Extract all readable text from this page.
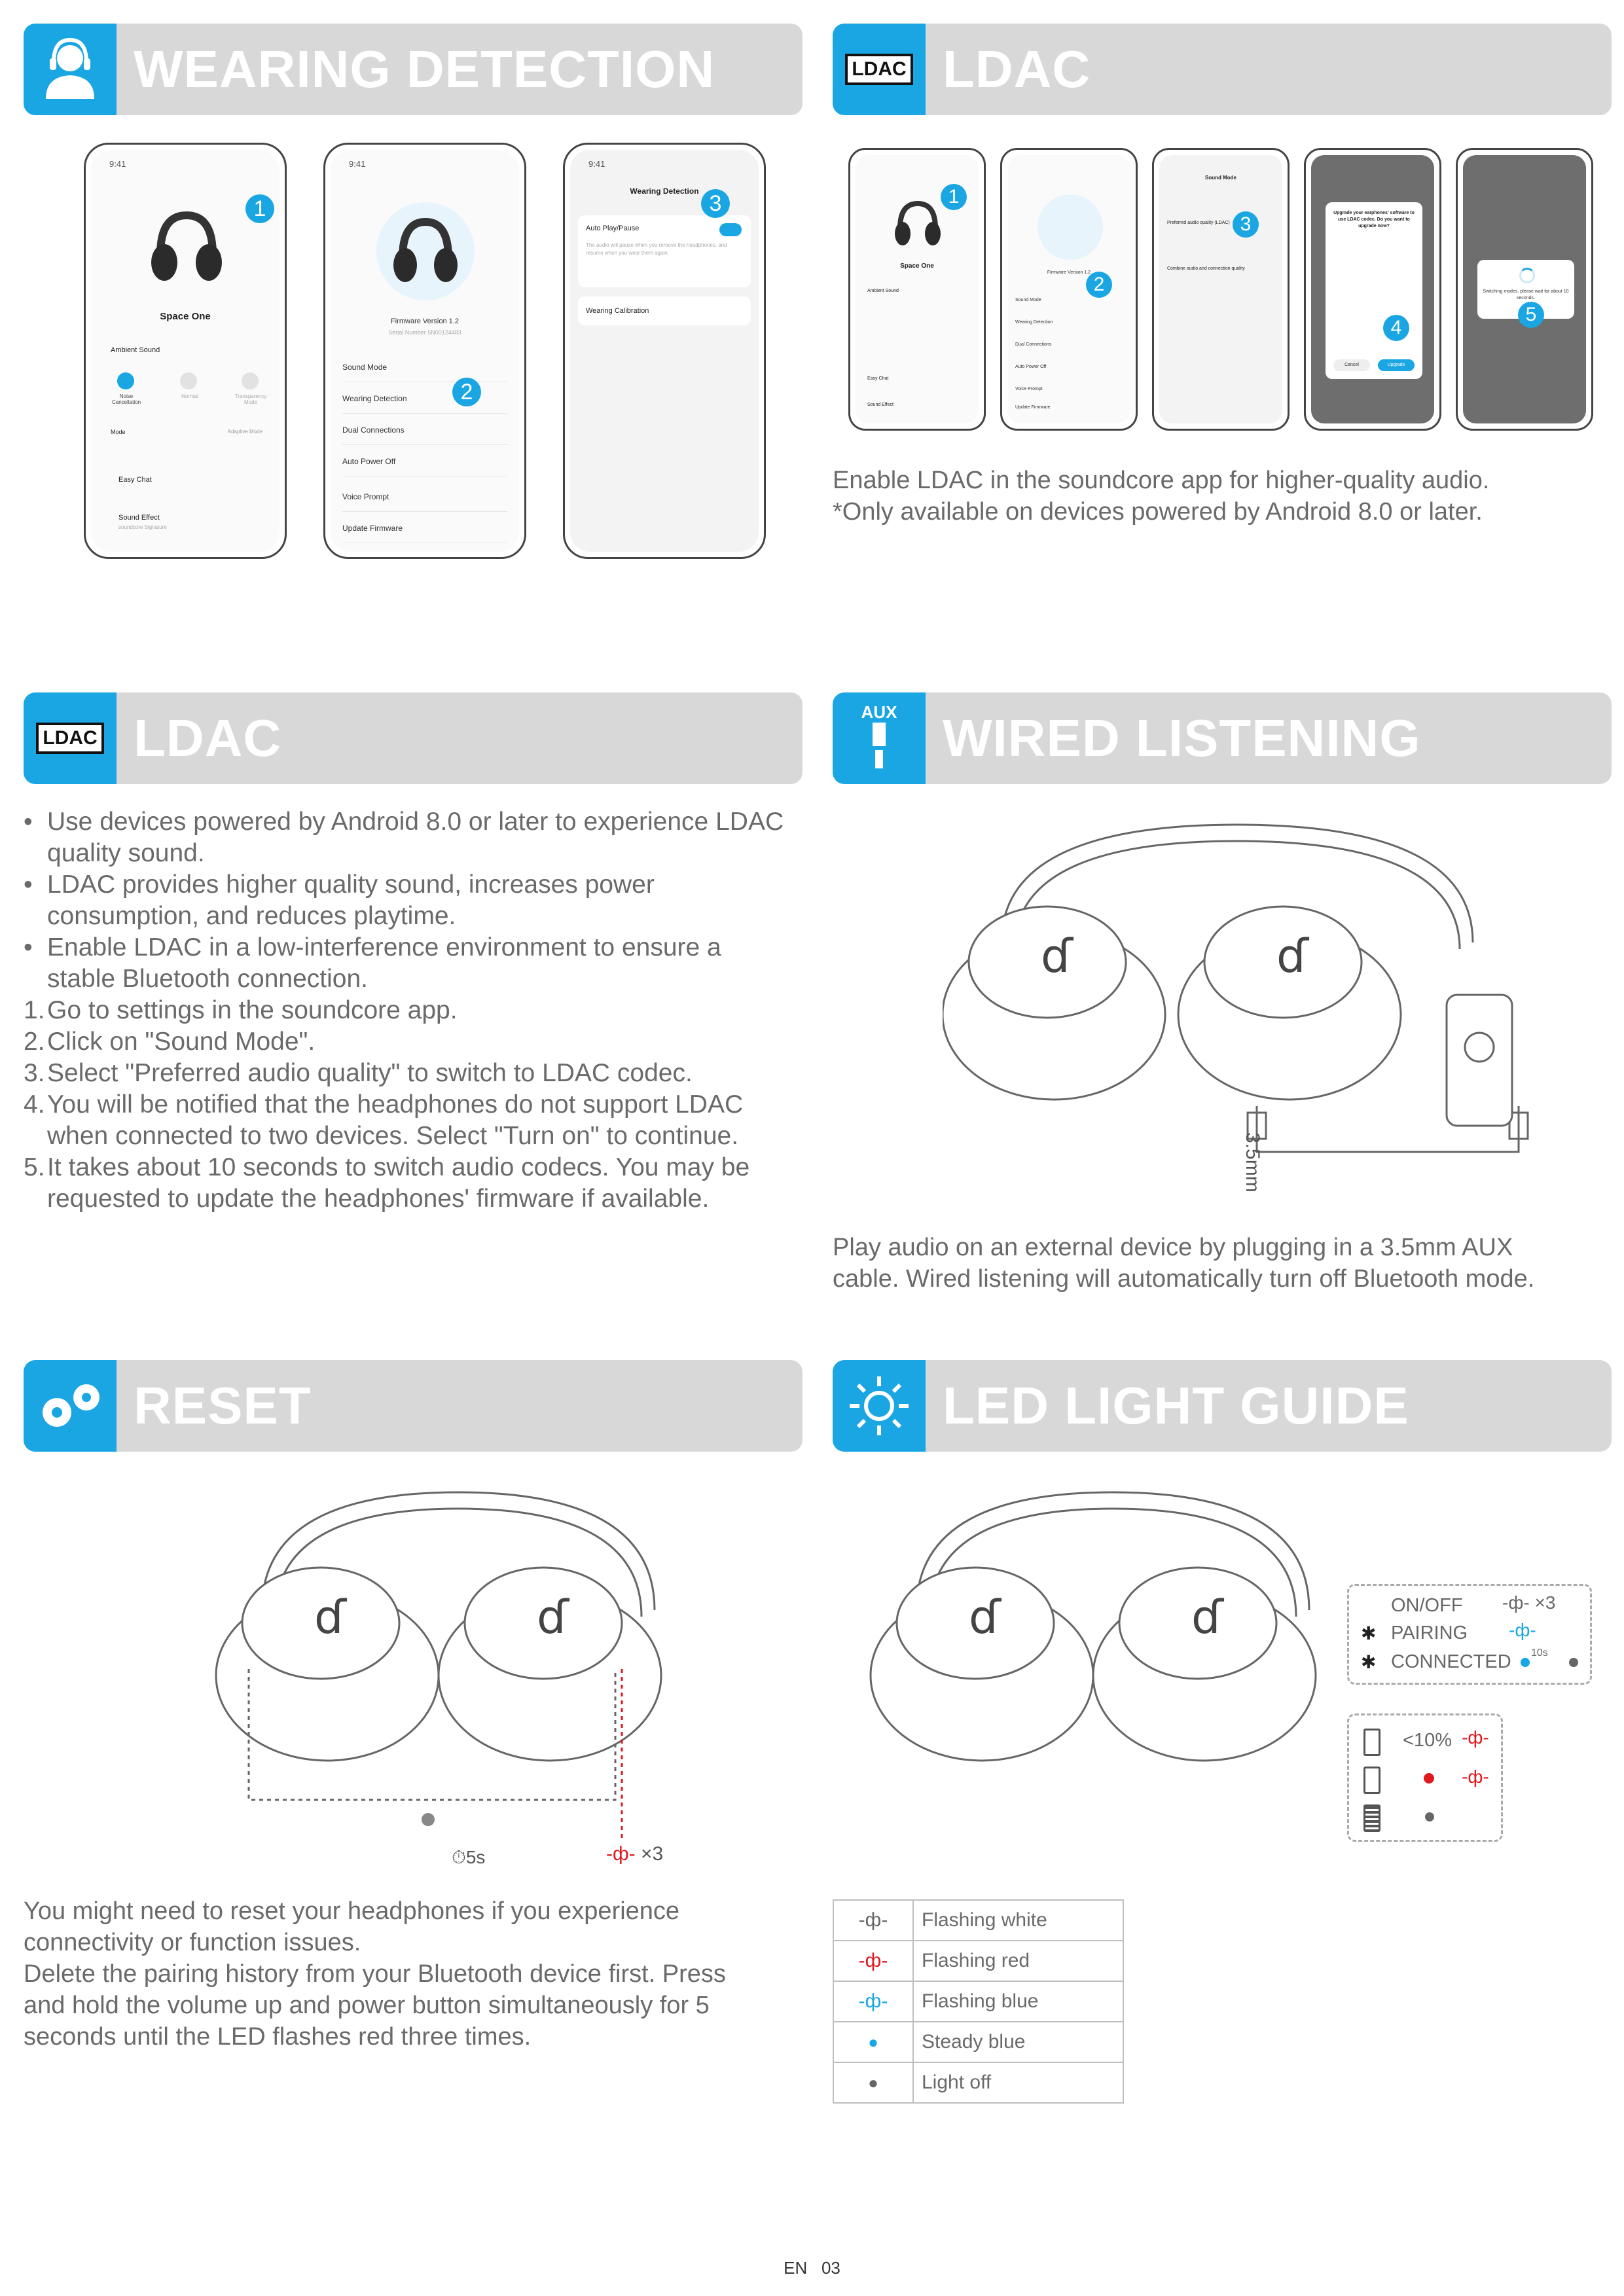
WEARING DETECTION
9:41
Space One
Ambient Sound
Noise Cancellation
Normal	Transparency Mode
Mode	Adaptive Mode
Easy Chat
Sound Effect
soundcore Signature
1
9:41
Firmware Version 1.2
Serial Number 5N00124483
Sound Mode
Wearing Detection
Dual Connections
Auto Power Off
Voice Prompt
Update Firmware
2
9:41
Wearing Detection
Auto Play/Pause
The audio will pause when you remove the headphones, and resume when you wear them again.
Wearing Calibration
3
LDAC LDAC
Space One
Ambient Sound
Easy Chat
Sound Effect
1
Firmware Version 1.2
Sound Mode
Wearing Detection
Dual Connections
Auto Power Off
Voice Prompt
Update Firmware
2
Sound Mode
Preferred audio quality (LDAC)
Combine audio and connection quality
3
Upgrade your earphones' software to use LDAC codec. Do you want to upgrade now?
Cancel	Upgrade
4
Switching modes, please wait for about 10 seconds.
5
Enable LDAC in the soundcore app for higher-quality audio.
*Only available on devices powered by Android 8.0 or later.
LDAC LDAC
• Use devices powered by Android 8.0 or later to experience LDAC quality sound.
• LDAC provides higher quality sound, increases power consumption, and reduces playtime.
• Enable LDAC in a low-interference environment to ensure a stable Bluetooth connection.
1. Go to settings in the soundcore app.
2. Click on "Sound Mode".
3. Select "Preferred audio quality" to switch to LDAC codec.
4. You will be notified that the headphones do not support LDAC when connected to two devices. Select "Turn on" to continue.
5. It takes about 10 seconds to switch audio codecs. You may be requested to update the headphones' firmware if available.
AUX WIRED LISTENING
ɗ	ɗ
3.5mm
Play audio on an external device by plugging in a 3.5mm AUX
cable. Wired listening will automatically turn off Bluetooth mode.
RESET
ɗ	ɗ
⏱5s	-ф- ×3
You might need to reset your headphones if you experience
connectivity or function issues.
Delete the pairing history from your Bluetooth device first. Press
and hold the volume up and power button simultaneously for 5
seconds until the LED flashes red three times.
LED LIGHT GUIDE
ɗ	ɗ	ON/OFF -ф- ×3
✱ PAIRING -ф-
✱ CONNECTED 10s
<10% -ф-
-ф-
-ф-	Flashing white
-ф-	Flashing red
-ф-	Flashing blue
●	Steady blue
●	Light off
EN 03
